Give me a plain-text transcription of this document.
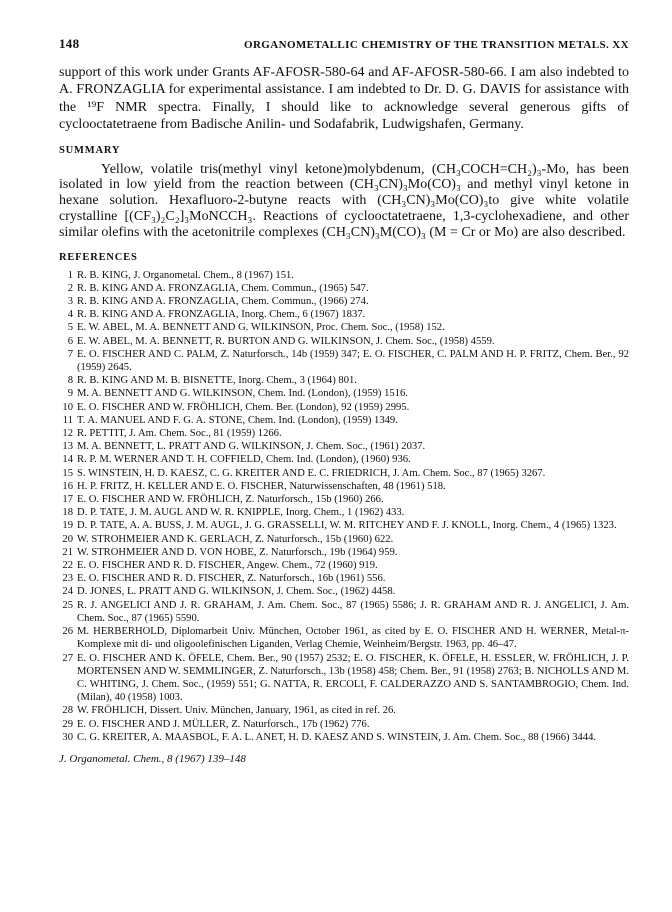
148	ORGANOMETALLIC CHEMISTRY OF THE TRANSITION METALS. XX

support of this work under Grants AF-AFOSR-580-64 and AF-AFOSR-580-66. I am also indebted to A. FRONZAGLIA for experimental assistance. I am indebted to Dr. D. G. DAVIS for assistance with the ¹⁹F NMR spectra. Finally, I should like to acknowledge several generous gifts of cyclooctatetraene from Badische Anilin- und Sodafabrik, Ludwigshafen, Germany.

SUMMARY

Yellow, volatile tris(methyl vinyl ketone)molybdenum, (CH₃COCH=CH₂)₃-Mo, has been isolated in low yield from the reaction between (CH₃CN)₃Mo(CO)₃ and methyl vinyl ketone in hexane solution. Hexafluoro-2-butyne reacts with (CH₃CN)₃Mo(CO)₃to give white volatile crystalline [(CF₃)₂C₂]₃MoNCCH₃. Reactions of cyclooctatetraene, 1,3-cyclohexadiene, and other similar olefins with the acetonitrile complexes (CH₃CN)₃M(CO)₃ (M = Cr or Mo) are also described.

REFERENCES
1 R. B. KING, J. Organometal. Chem., 8 (1967) 151.
2 R. B. KING AND A. FRONZAGLIA, Chem. Commun., (1965) 547.
3 R. B. KING AND A. FRONZAGLIA, Chem. Commun., (1966) 274.
4 R. B. KING AND A. FRONZAGLIA, Inorg. Chem., 6 (1967) 1837.
5 E. W. ABEL, M. A. BENNETT AND G. WILKINSON, Proc. Chem. Soc., (1958) 152.
6 E. W. ABEL, M. A. BENNETT, R. BURTON AND G. WILKINSON, J. Chem. Soc., (1958) 4559.
7 E. O. FISCHER AND C. PALM, Z. Naturforsch., 14b (1959) 347; E. O. FISCHER, C. PALM AND H. P. FRITZ, Chem. Ber., 92 (1959) 2645.
8 R. B. KING AND M. B. BISNETTE, Inorg. Chem., 3 (1964) 801.
9 M. A. BENNETT AND G. WILKINSON, Chem. Ind. (London), (1959) 1516.
10 E. O. FISCHER AND W. FRÖHLICH, Chem. Ber. (London), 92 (1959) 2995.
11 T. A. MANUEL AND F. G. A. STONE, Chem. Ind. (London), (1959) 1349.
12 R. PETTIT, J. Am. Chem. Soc., 81 (1959) 1266.
13 M. A. BENNETT, L. PRATT AND G. WILKINSON, J. Chem. Soc., (1961) 2037.
14 R. P. M. WERNER AND T. H. COFFIELD, Chem. Ind. (London), (1960) 936.
15 S. WINSTEIN, H. D. KAESZ, C. G. KREITER AND E. C. FRIEDRICH, J. Am. Chem. Soc., 87 (1965) 3267.
16 H. P. FRITZ, H. KELLER AND E. O. FISCHER, Naturwissenschaften, 48 (1961) 518.
17 E. O. FISCHER AND W. FRÖHLICH, Z. Naturforsch., 15b (1960) 266.
18 D. P. TATE, J. M. AUGL AND W. R. KNIPPLE, Inorg. Chem., 1 (1962) 433.
19 D. P. TATE, A. A. BUSS, J. M. AUGL, J. G. GRASSELLI, W. M. RITCHEY AND F. J. KNOLL, Inorg. Chem., 4 (1965) 1323.
20 W. STROHMEIER AND K. GERLACH, Z. Naturforsch., 15b (1960) 622.
21 W. STROHMEIER AND D. VON HOBE, Z. Naturforsch., 19b (1964) 959.
22 E. O. FISCHER AND R. D. FISCHER, Angew. Chem., 72 (1960) 919.
23 E. O. FISCHER AND R. D. FISCHER, Z. Naturforsch., 16b (1961) 556.
24 D. JONES, L. PRATT AND G. WILKINSON, J. Chem. Soc., (1962) 4458.
25 R. J. ANGELICI AND J. R. GRAHAM, J. Am. Chem. Soc., 87 (1965) 5586; J. R. GRAHAM AND R. J. ANGELICI, J. Am. Chem. Soc., 87 (1965) 5590.
26 M. HERBERHOLD, Diplomarbeit Univ. München, October 1961, as cited by E. O. FISCHER AND H. WERNER, Metal-π-Komplexe mit di- und oligoolefinischen Liganden, Verlag Chemie, Weinheim/Bergstr. 1963, pp. 46–47.
27 E. O. FISCHER AND K. ÖFELE, Chem. Ber., 90 (1957) 2532; E. O. FISCHER, K. ÖFELE, H. ESSLER, W. FRÖHLICH, J. P. MORTENSEN AND W. SEMMLINGER, Z. Naturforsch., 13b (1958) 458; Chem. Ber., 91 (1958) 2763; B. NICHOLLS AND M. C. WHITING, J. Chem. Soc., (1959) 551; G. NATTA, R. ERCOLI, F. CALDERAZZO AND S. SANTAMBROGIO, Chem. Ind. (Milan), 40 (1958) 1003.
28 W. FRÖHLICH, Dissert. Univ. München, January, 1961, as cited in ref. 26.
29 E. O. FISCHER AND J. MÜLLER, Z. Naturforsch., 17b (1962) 776.
30 C. G. KREITER, A. MAASBOL, F. A. L. ANET, H. D. KAESZ AND S. WINSTEIN, J. Am. Chem. Soc., 88 (1966) 3444.
J. Organometal. Chem., 8 (1967) 139–148
